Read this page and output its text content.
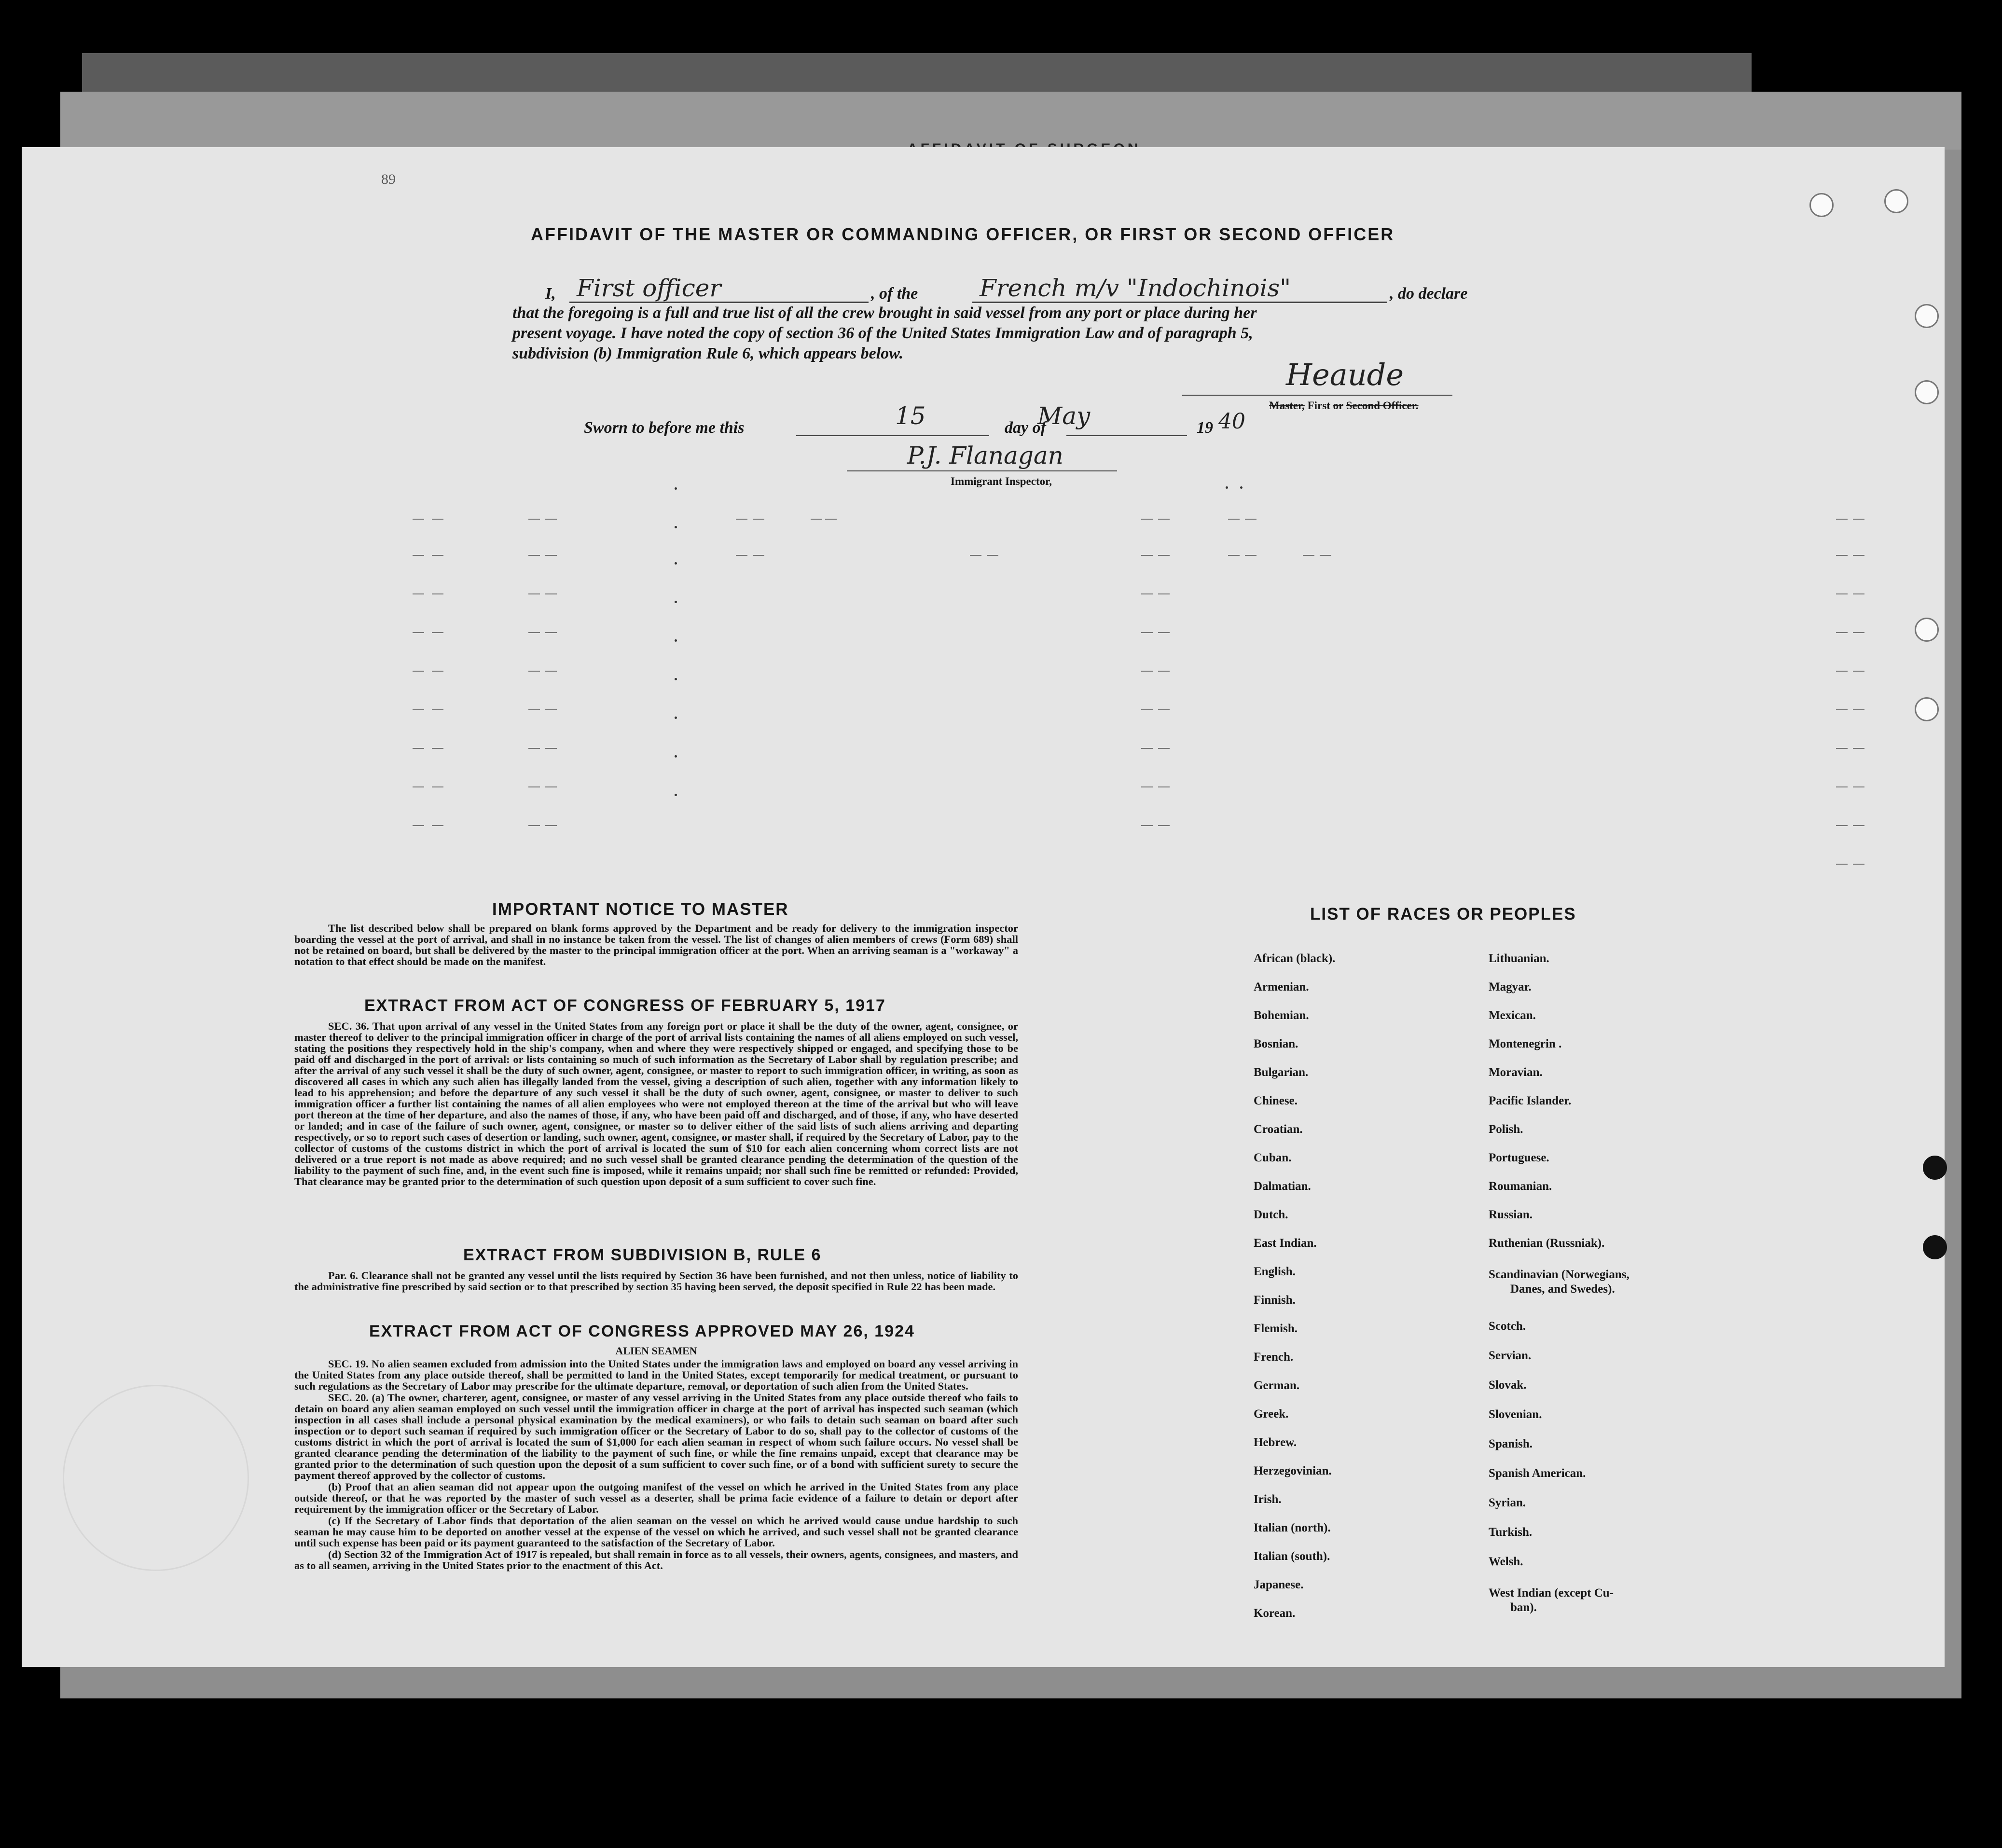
89
AFFIDAVIT OF THE MASTER OR COMMANDING OFFICER, OR FIRST OR SECOND OFFICER
I, First officer	, of the	French m/v "Indochinois"	, do declare
that the foregoing is a full and true list of all the crew brought in said vessel from any port or place during her
present voyage. I have noted the copy of section 36 of the United States Immigration Law and of paragraph 5,
subdivision (b) Immigration Rule 6, which appears below.
Heaude
Master, First or Second Officer.
Sworn to before me this	15	day of
May	19 40
P.J. Flanagan
Immigrant Inspector,
IMPORTANT NOTICE TO MASTER

The list described below shall be prepared on blank forms approved by the Department and be ready for delivery to the immigration inspector boarding the vessel at the port of arrival, and shall in no instance be taken from the vessel. The list of changes of alien members of crews (Form 689) shall not be retained on board, but shall be delivered by the master to the principal immigration officer at the port. When an arriving seaman is a "workaway" a notation to that effect should be made on the manifest.

EXTRACT FROM ACT OF CONGRESS OF FEBRUARY 5, 1917

SEC. 36. That upon arrival of any vessel in the United States from any foreign port or place it shall be the duty of the owner, agent, consignee, or master thereof to deliver to the principal immigration officer in charge of the port of arrival lists containing the names of all aliens employed on such vessel, stating the positions they respectively hold in the ship's company, when and where they were respectively shipped or engaged, and specifying those to be paid off and discharged in the port of arrival: or lists containing so much of such information as the Secretary of Labor shall by regulation prescribe; and after the arrival of any such vessel it shall be the duty of such owner, agent, consignee, or master to report to such immigration officer, in writing, as soon as discovered all cases in which any such alien has illegally landed from the vessel, giving a description of such alien, together with any information likely to lead to his apprehension; and before the departure of any such vessel it shall be the duty of such owner, agent, consignee, or master to deliver to such immigration officer a further list containing the names of all alien employees who were not employed thereon at the time of the arrival but who will leave port thereon at the time of her departure, and also the names of those, if any, who have been paid off and discharged, and of those, if any, who have deserted or landed; and in case of the failure of such owner, agent, consignee, or master so to deliver either of the said lists of such aliens arriving and departing respectively, or so to report such cases of desertion or landing, such owner, agent, consignee, or master shall, if required by the Secretary of Labor, pay to the collector of customs of the customs district in which the port of arrival is located the sum of $10 for each alien concerning whom correct lists are not delivered or a true report is not made as above required; and no such vessel shall be granted clearance pending the determination of the question of the liability to the payment of such fine, and, in the event such fine is imposed, while it remains unpaid; nor shall such fine be remitted or refunded: Provided, That clearance may be granted prior to the determination of such question upon deposit of a sum sufficient to cover such fine.

EXTRACT FROM SUBDIVISION B, RULE 6

Par. 6. Clearance shall not be granted any vessel until the lists required by Section 36 have been furnished, and not then unless, notice of liability to the administrative fine prescribed by said section or to that prescribed by section 35 having been served, the deposit specified in Rule 22 has been made.

EXTRACT FROM ACT OF CONGRESS APPROVED MAY 26, 1924
ALIEN SEAMEN

SEC. 19. No alien seamen excluded from admission into the United States under the immigration laws and employed on board any vessel arriving in the United States from any place outside thereof, shall be permitted to land in the United States, except temporarily for medical treatment, or pursuant to such regulations as the Secretary of Labor may prescribe for the ultimate departure, removal, or deportation of such alien from the United States.

SEC. 20. (a) The owner, charterer, agent, consignee, or master of any vessel arriving in the United States from any place outside thereof who fails to detain on board any alien seaman employed on such vessel until the immigration officer in charge at the port of arrival has inspected such seaman (which inspection in all cases shall include a personal physical examination by the medical examiners), or who fails to detain such seaman on board after such inspection or to deport such seaman if required by such immigration officer or the Secretary of Labor to do so, shall pay to the collector of customs of the customs district in which the port of arrival is located the sum of $1,000 for each alien seaman in respect of whom such failure occurs. No vessel shall be granted clearance pending the determination of the liability to the payment of such fine, or while the fine remains unpaid, except that clearance may be granted prior to the determination of such question upon the deposit of a sum sufficient to cover such fine, or of a bond with sufficient surety to secure the payment thereof approved by the collector of customs.

(b) Proof that an alien seaman did not appear upon the outgoing manifest of the vessel on which he arrived in the United States from any place outside thereof, or that he was reported by the master of such vessel as a deserter, shall be prima facie evidence of a failure to detain or deport after requirement by the immigration officer or the Secretary of Labor.

(c) If the Secretary of Labor finds that deportation of the alien seaman on the vessel on which he arrived would cause undue hardship to such seaman he may cause him to be deported on another vessel at the expense of the vessel on which he arrived, and such vessel shall not be granted clearance until such expense has been paid or its payment guaranteed to the satisfaction of the Secretary of Labor.

(d) Section 32 of the Immigration Act of 1917 is repealed, but shall remain in force as to all vessels, their owners, agents, consignees, and masters, and as to all seamen, arriving in the United States prior to the enactment of this Act.

LIST OF RACES OR PEOPLES
African (black).
Armenian.
Bohemian.
Bosnian.
Bulgarian.
Chinese.
Croatian.
Cuban.
Dalmatian.
Dutch.
East Indian.
English.
Finnish.
Flemish.
French.
German.
Greek.
Hebrew.
Herzegovinian.
Irish.
Italian (north).
Italian (south).
Japanese.
Korean.
Lithuanian.
Magyar.
Mexican.
Montenegrin .
Moravian.
Pacific Islander.
Polish.
Portuguese.
Roumanian.
Russian.
Ruthenian (Russniak).
Scandinavian (Norwegians,
Danes, and Swedes).
Scotch.
Servian.
Slovak.
Slovenian.
Spanish.
Spanish American.
Syrian.
Turkish.
Welsh.
West Indian (except Cu-
ban).
